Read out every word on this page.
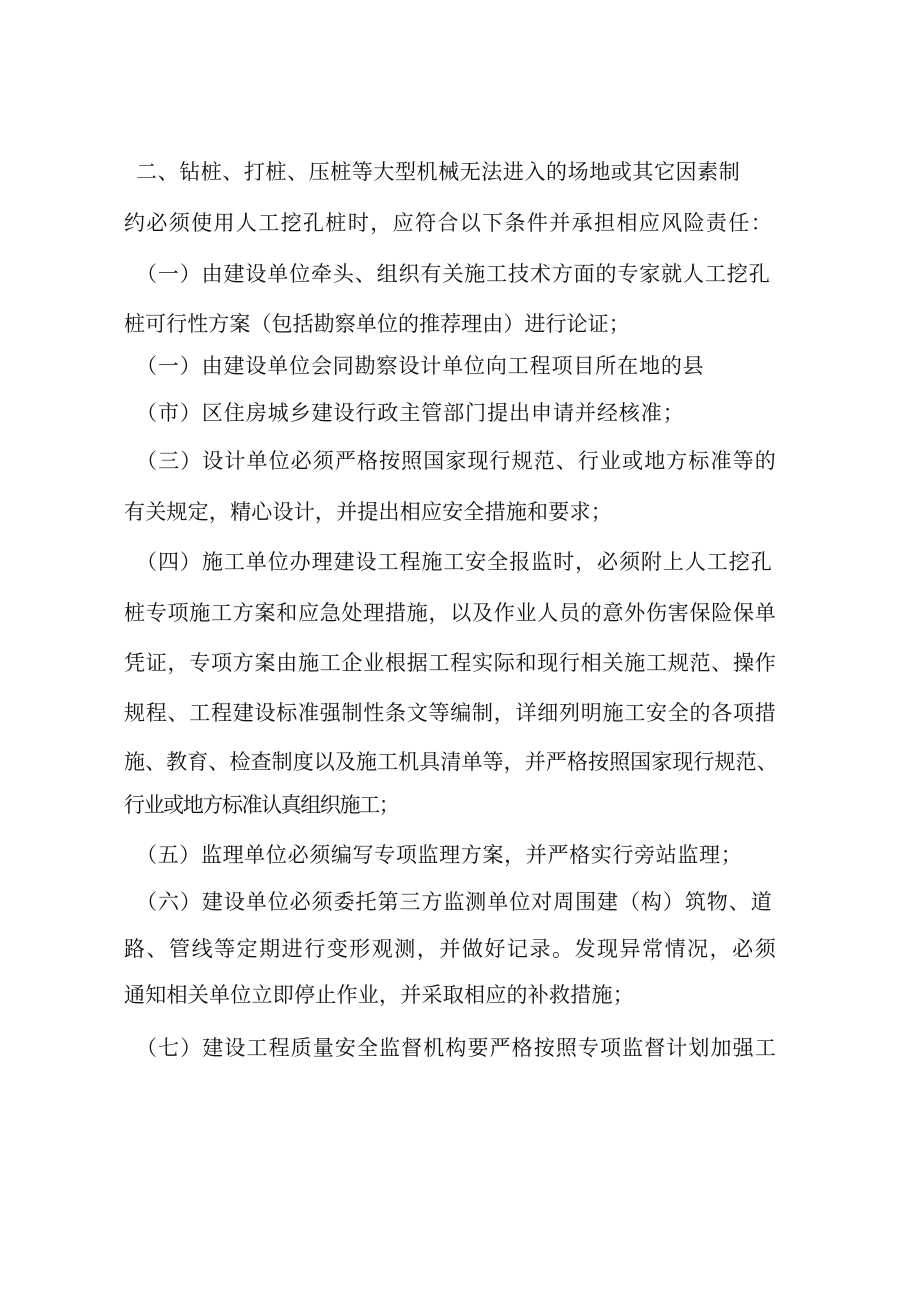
二、钻桩、打桩、压桩等大型机械无法进入的场地或其它因素制
约必须使用人工挖孔桩时，应符合以下条件并承担相应风险责任：
（一）由建设单位牵头、组织有关施工技术方面的专家就人工挖孔
桩可行性方案（包括勘察单位的推荐理由）进行论证；
（一）由建设单位会同勘察设计单位向工程项目所在地的县
（市）区住房城乡建设行政主管部门提出申请并经核准；
（三）设计单位必须严格按照国家现行规范、行业或地方标准等的
有关规定，精心设计，并提出相应安全措施和要求；
（四）施工单位办理建设工程施工安全报监时，必须附上人工挖孔
桩专项施工方案和应急处理措施，以及作业人员的意外伤害保险保单
凭证，专项方案由施工企业根据工程实际和现行相关施工规范、操作
规程、工程建设标准强制性条文等编制，详细列明施工安全的各项措
施、教育、检查制度以及施工机具清单等，并严格按照国家现行规范、
行业或地方标准认真组织施工；
（五）监理单位必须编写专项监理方案，并严格实行旁站监理；
（六）建设单位必须委托第三方监测单位对周围建（构）筑物、道
路、管线等定期进行变形观测，并做好记录。发现异常情况，必须
通知相关单位立即停止作业，并采取相应的补救措施；
（七）建设工程质量安全监督机构要严格按照专项监督计划加强工
